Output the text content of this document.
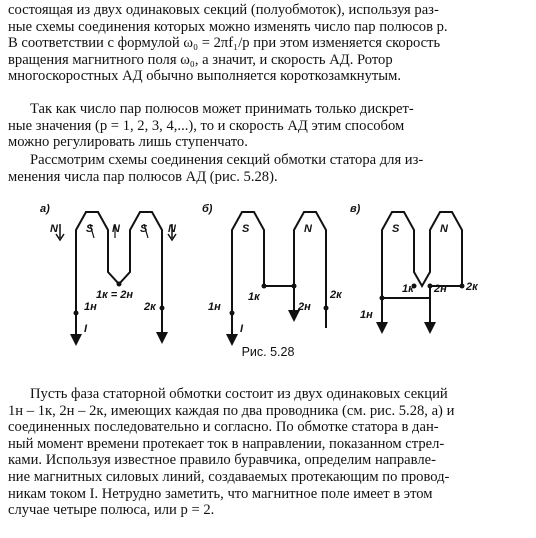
состоящая из двух одинаковых секций (полуобмоток), используя раз-
ные схемы соединения которых можно изменять число пар полюсов p.
В соответствии с формулой ω₀ = 2πf₁/p при этом изменяется скорость
вращения магнитного поля ω₀, а значит, и скорость АД. Ротор
многоскоростных АД обычно выполняется короткозамкнутым.
Так как число пар полюсов может принимать только дискрет-
ные значения (p = 1, 2, 3, 4,...), то и скорость АД этим способом
можно регулировать лишь ступенчато.
Рассмотрим схемы соединения секций обмотки статора для из-
менения числа пар полюсов АД (рис. 5.28).
а)
N	S N S N
1к = 2н
1н	2к
I
б)
S	N
1к
2н
1н
2к
I
в)
S	N
1к 2н 2к
1н
Рис. 5.28
Пусть фаза статорной обмотки состоит из двух одинаковых секций
1н – 1к, 2н – 2к, имеющих каждая по два проводника (см. рис. 5.28, а) и
соединенных последовательно и согласно. По обмотке статора в дан-
ный момент времени протекает ток в направлении, показанном стрел-
ками. Используя известное правило буравчика, определим направле-
ние магнитных силовых линий, создаваемых протекающим по провод-
никам током I. Нетрудно заметить, что магнитное поле имеет в этом
случае четыре полюса, или p = 2.
